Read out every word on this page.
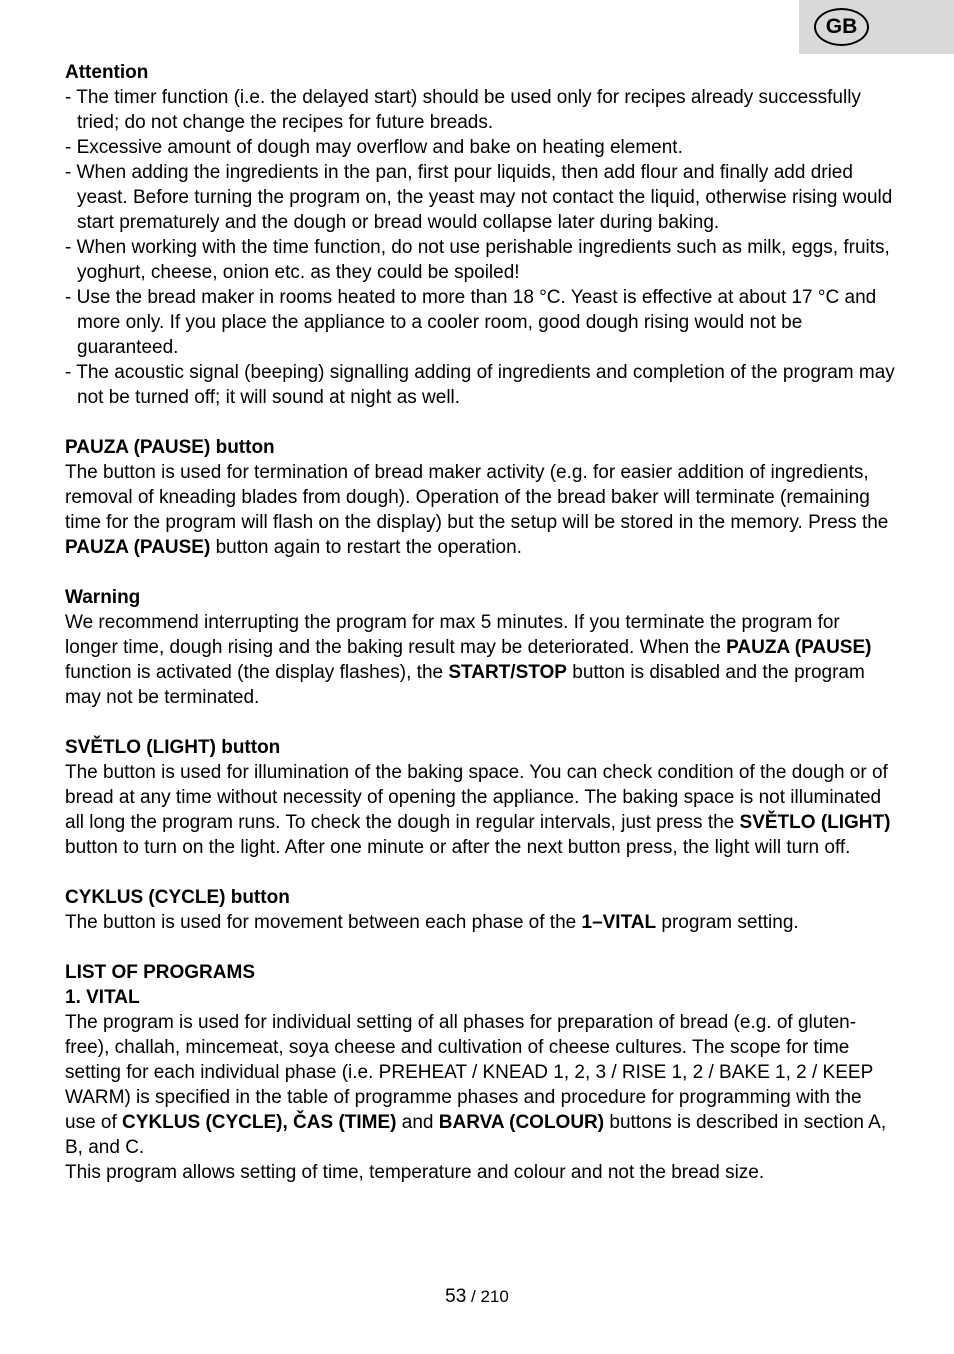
GB

Attention

- The timer function (i.e. the delayed start) should be used only for recipes already successfully tried; do not change the recipes for future breads.

- Excessive amount of dough may overflow and bake on heating element.

- When adding the ingredients in the pan, first pour liquids, then add flour and finally add dried yeast. Before turning the program on, the yeast may not contact the liquid, otherwise rising would start prematurely and the dough or bread would collapse later during baking.

- When working with the time function, do not use perishable ingredients such as milk, eggs, fruits, yoghurt, cheese, onion etc. as they could be spoiled!

- Use the bread maker in rooms heated to more than 18 °C. Yeast is effective at about 17 °C and more only. If you place the appliance to a cooler room, good dough rising would not be guaranteed.

- The acoustic signal (beeping) signalling adding of ingredients and completion of the program may not be turned off; it will sound at night as well.

PAUZA (PAUSE) button

The button is used for termination of bread maker activity (e.g. for easier addition of ingredients, removal of kneading blades from dough). Operation of the bread baker will terminate (remaining time for the program will flash on the display) but the setup will be stored in the memory. Press the PAUZA (PAUSE) button again to restart the operation.

Warning

We recommend interrupting the program for max 5 minutes. If you terminate the program for longer time, dough rising and the baking result may be deteriorated. When the PAUZA (PAUSE) function is activated (the display flashes), the START/STOP button is disabled and the program may not be terminated.

SVĚTLO (LIGHT) button

The button is used for illumination of the baking space. You can check condition of the dough or of bread at any time without necessity of opening the appliance. The baking space is not illuminated all long the program runs. To check the dough in regular intervals, just press the SVĚTLO (LIGHT) button to turn on the light. After one minute or after the next button press, the light will turn off.

CYKLUS (CYCLE) button

The button is used for movement between each phase of the 1–VITAL program setting.

LIST OF PROGRAMS

1. VITAL

The program is used for individual setting of all phases for preparation of bread (e.g. of gluten-free), challah, mincemeat, soya cheese and cultivation of cheese cultures. The scope for time setting for each individual phase (i.e. PREHEAT / KNEAD 1, 2, 3 / RISE 1, 2 / BAKE 1, 2 / KEEP WARM) is specified in the table of programme phases and procedure for programming with the use of CYKLUS (CYCLE), ČAS (TIME) and BARVA (COLOUR) buttons is described in section A, B, and C.

This program allows setting of time, temperature and colour and not the bread size.

53 / 210
